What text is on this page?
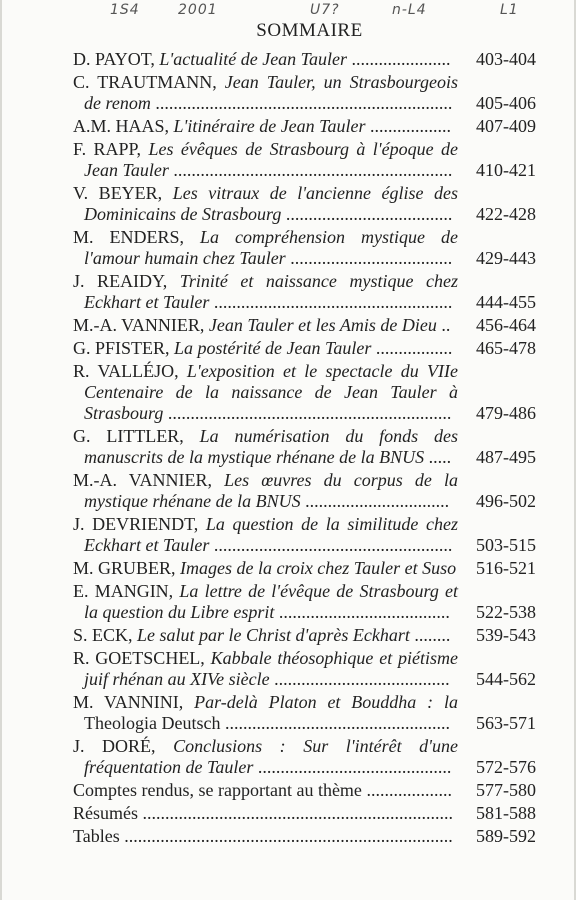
1S4	2001	U7?	n-L4	L1
SOMMAIRE
D. PAYOT, L'actualité de Jean Tauler ......................	403-404
C. TRAUTMANN, Jean Tauler, un Strasbourgeois de renom ..................................................................	405-406
A.M. HAAS, L'itinéraire de Jean Tauler ..................	407-409
F. RAPP, Les évêques de Strasbourg à l'époque de Jean Tauler ..............................................................	410-421
V. BEYER, Les vitraux de l'ancienne église des Dominicains de Strasbourg .....................................	422-428
M. ENDERS, La compréhension mystique de l'amour humain chez Tauler ....................................	429-443
J. REAIDY, Trinité et naissance mystique chez Eckhart et Tauler .....................................................	444-455
M.-A. VANNIER, Jean Tauler et les Amis de Dieu ..	456-464
G. PFISTER, La postérité de Jean Tauler .................	465-478
R. VALLÉJO, L'exposition et le spectacle du VIIe Centenaire de la naissance de Jean Tauler à Strasbourg ...............................................................	479-486
G. LITTLER, La numérisation du fonds des manuscrits de la mystique rhénane de la BNUS .....	487-495
M.-A. VANNIER, Les œuvres du corpus de la mystique rhénane de la BNUS ................................	496-502
J. DEVRIENDT, La question de la similitude chez Eckhart et Tauler .....................................................	503-515
M. GRUBER, Images de la croix chez Tauler et Suso	516-521
E. MANGIN, La lettre de l'évêque de Strasbourg et la question du Libre esprit ......................................	522-538
S. ECK, Le salut par le Christ d'après Eckhart ........	539-543
R. GOETSCHEL, Kabbale théosophique et piétisme juif rhénan au XIVe siècle .......................................	544-562
M. VANNINI, Par-delà Platon et Bouddha : la Theologia Deutsch ..................................................	563-571
J. DORÉ, Conclusions : Sur l'intérêt d'une fréquentation de Tauler ...........................................	572-576
Comptes rendus, se rapportant au thème ...................	577-580
Résumés .....................................................................	581-588
Tables .........................................................................	589-592
